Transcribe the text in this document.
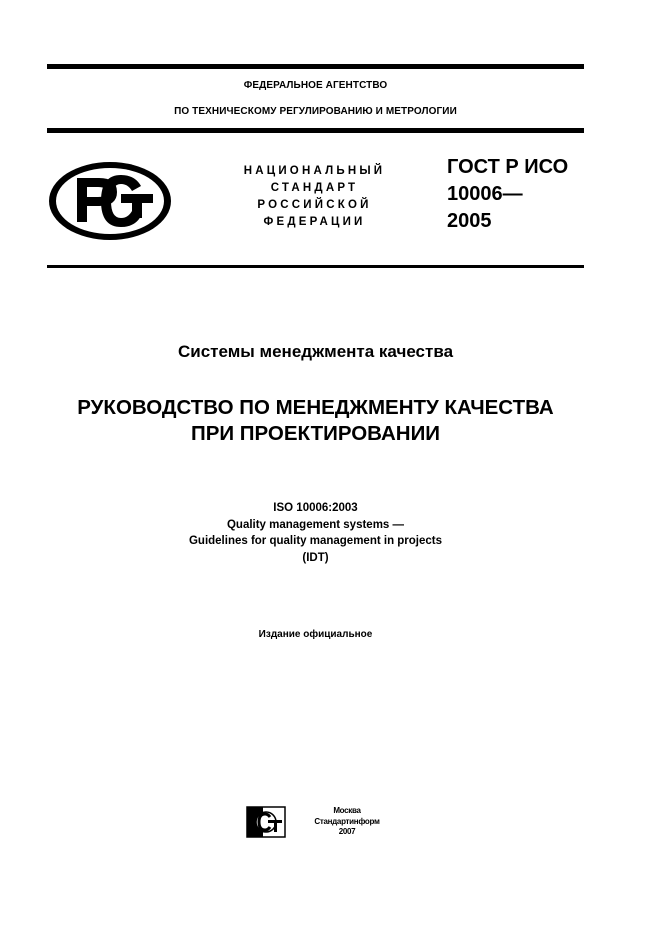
ФЕДЕРАЛЬНОЕ АГЕНТСТВО
ПО ТЕХНИЧЕСКОМУ РЕГУЛИРОВАНИЮ И МЕТРОЛОГИИ
НАЦИОНАЛЬНЫЙ
СТАНДАРТ
РОССИЙСКОЙ
ФЕДЕРАЦИИ
ГОСТ Р ИСО
10006—
2005
Системы менеджмента качества
РУКОВОДСТВО ПО МЕНЕДЖМЕНТУ КАЧЕСТВА
ПРИ ПРОЕКТИРОВАНИИ
ISO 10006:2003
Quality management systems —
Guidelines for quality management in projects
(IDT)
Издание официальное
Москва
Стандартинформ
2007
